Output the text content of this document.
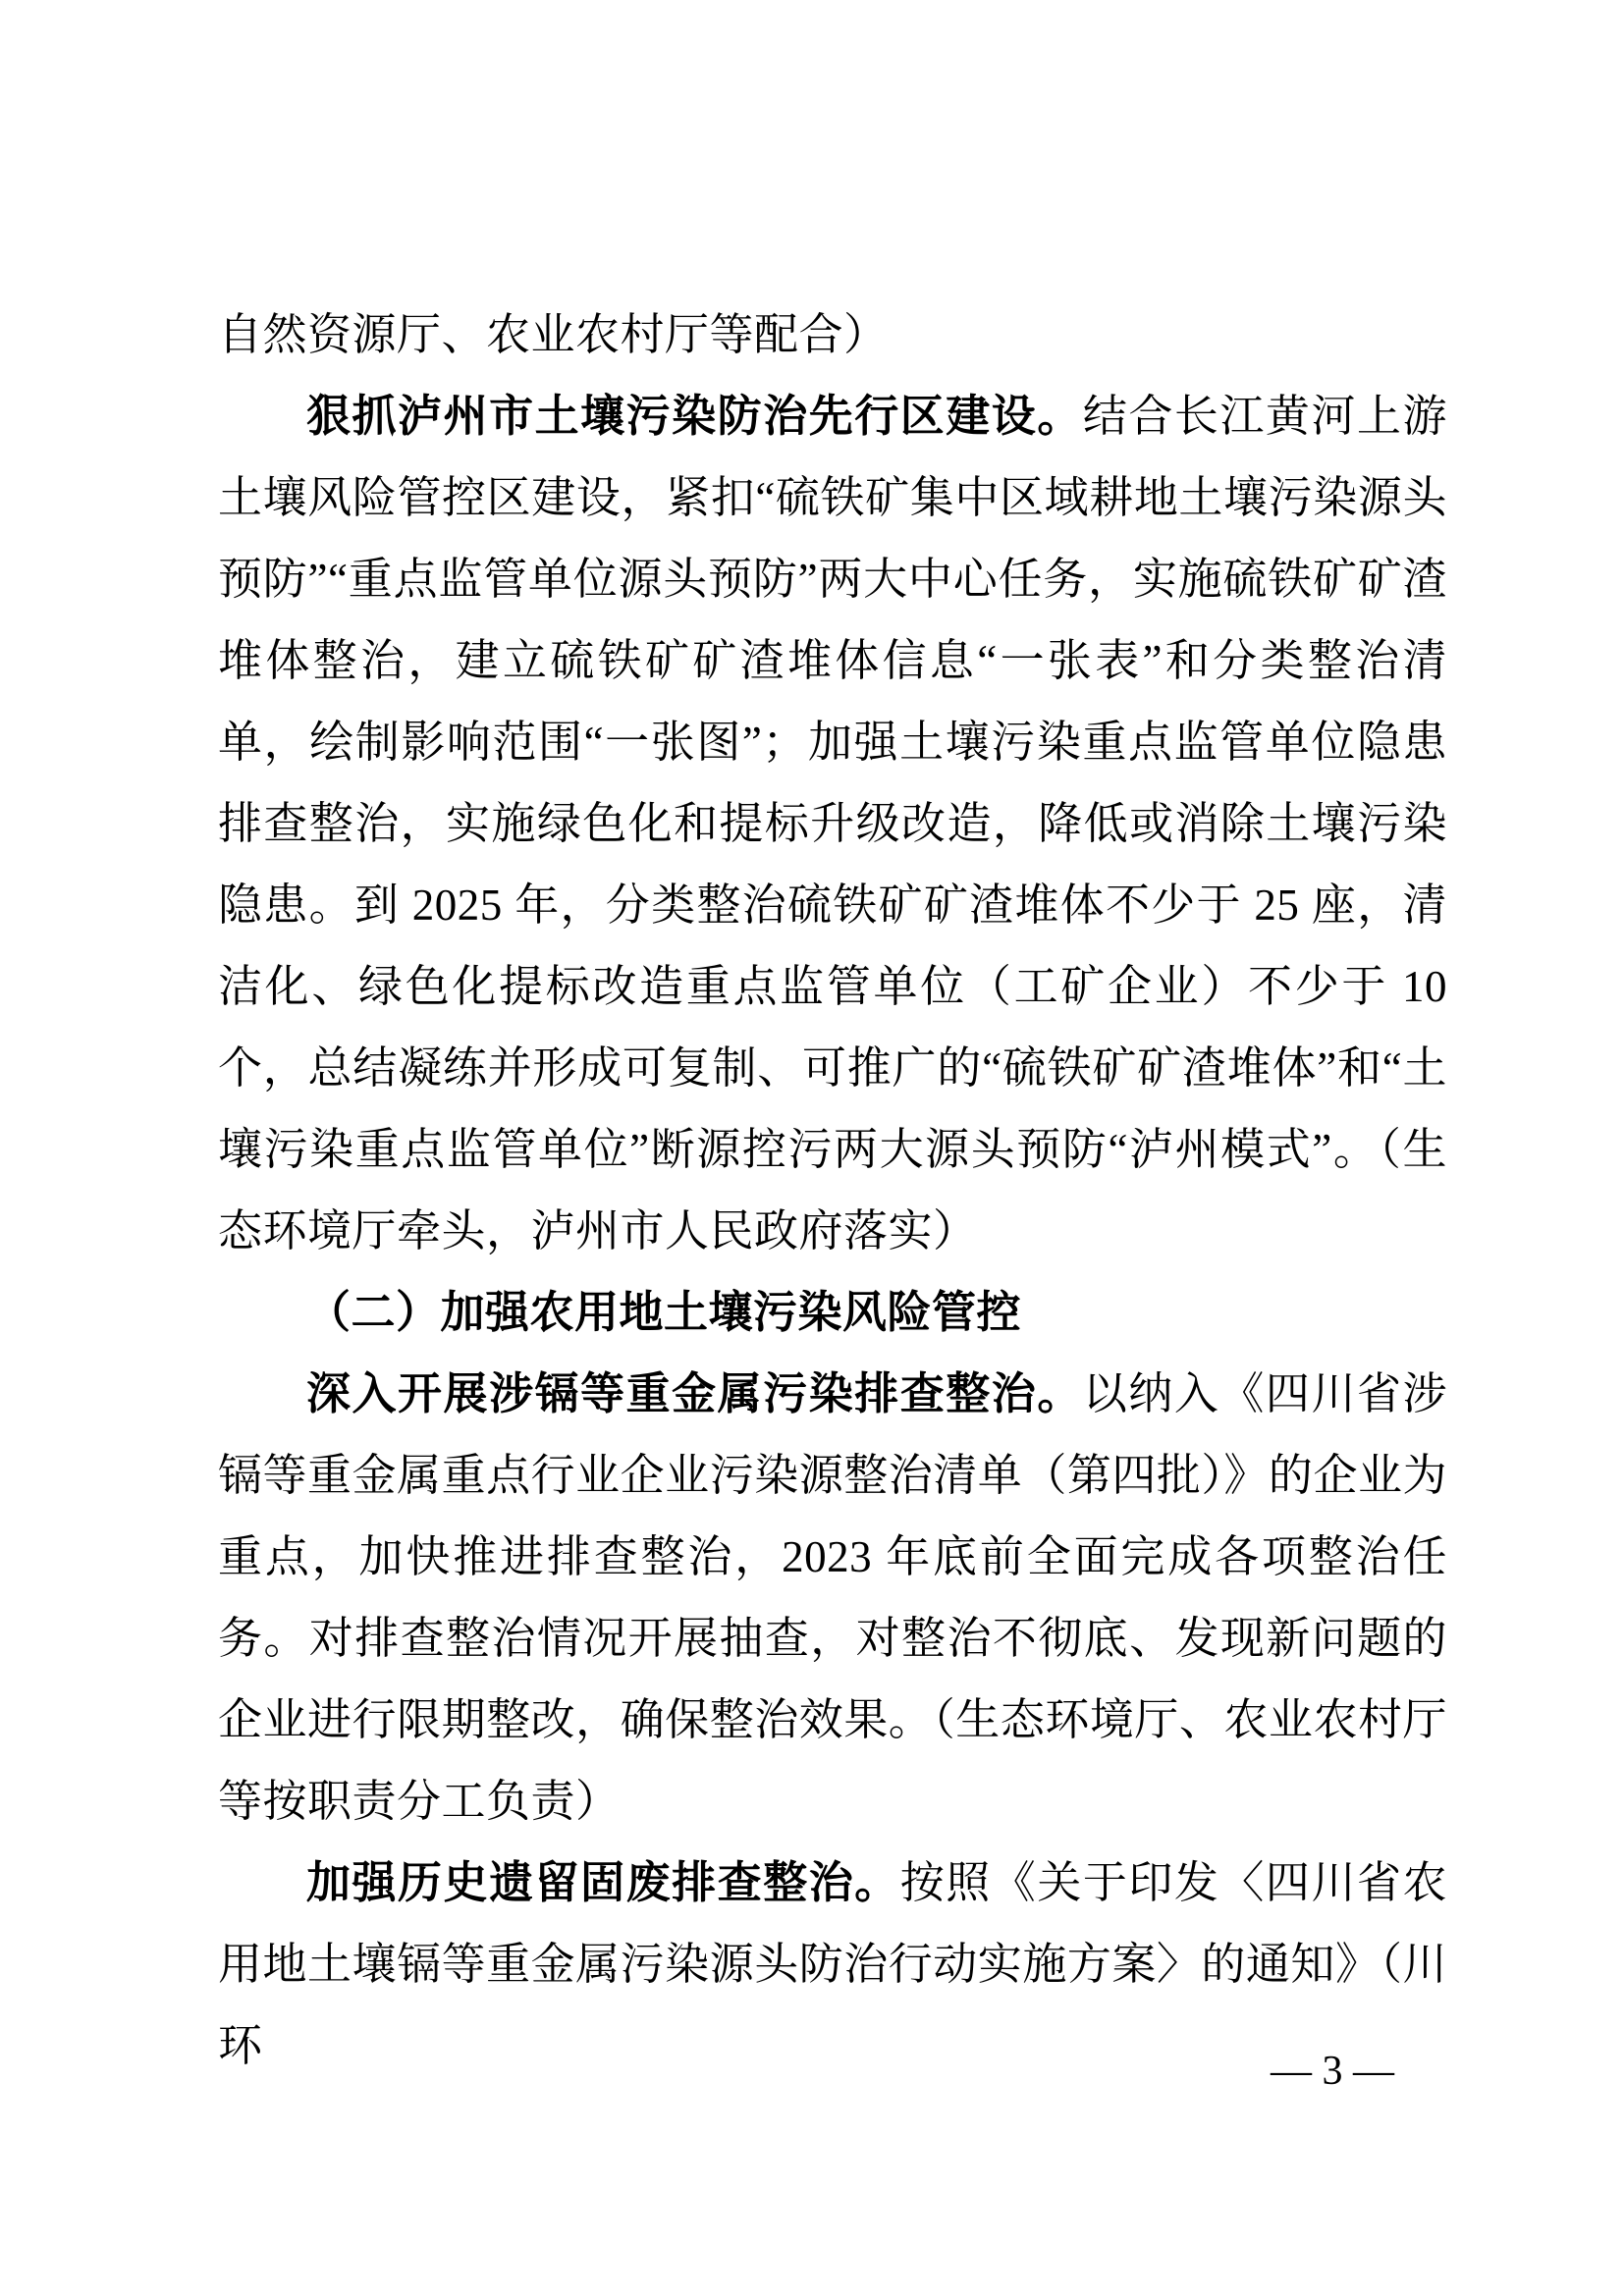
自然资源厅、农业农村厅等配合）

狠抓泸州市土壤污染防治先行区建设。结合长江黄河上游土壤风险管控区建设，紧扣“硫铁矿集中区域耕地土壤污染源头预防”“重点监管单位源头预防”两大中心任务，实施硫铁矿矿渣堆体整治，建立硫铁矿矿渣堆体信息“一张表”和分类整治清单，绘制影响范围“一张图”；加强土壤污染重点监管单位隐患排查整治，实施绿色化和提标升级改造，降低或消除土壤污染隐患。到 2025 年，分类整治硫铁矿矿渣堆体不少于 25 座，清洁化、绿色化提标改造重点监管单位（工矿企业）不少于 10 个，总结凝练并形成可复制、可推广的“硫铁矿矿渣堆体”和“土壤污染重点监管单位”断源控污两大源头预防“泸州模式”。（生态环境厅牵头，泸州市人民政府落实）

（二）加强农用地土壤污染风险管控

深入开展涉镉等重金属污染排查整治。以纳入《四川省涉镉等重金属重点行业企业污染源整治清单（第四批）》的企业为重点，加快推进排查整治，2023 年底前全面完成各项整治任务。对排查整治情况开展抽查，对整治不彻底、发现新问题的企业进行限期整改，确保整治效果。（生态环境厅、农业农村厅等按职责分工负责）

加强历史遗留固废排查整治。按照《关于印发〈四川省农用地土壤镉等重金属污染源头防治行动实施方案〉的通知》（川环

— 3 —
